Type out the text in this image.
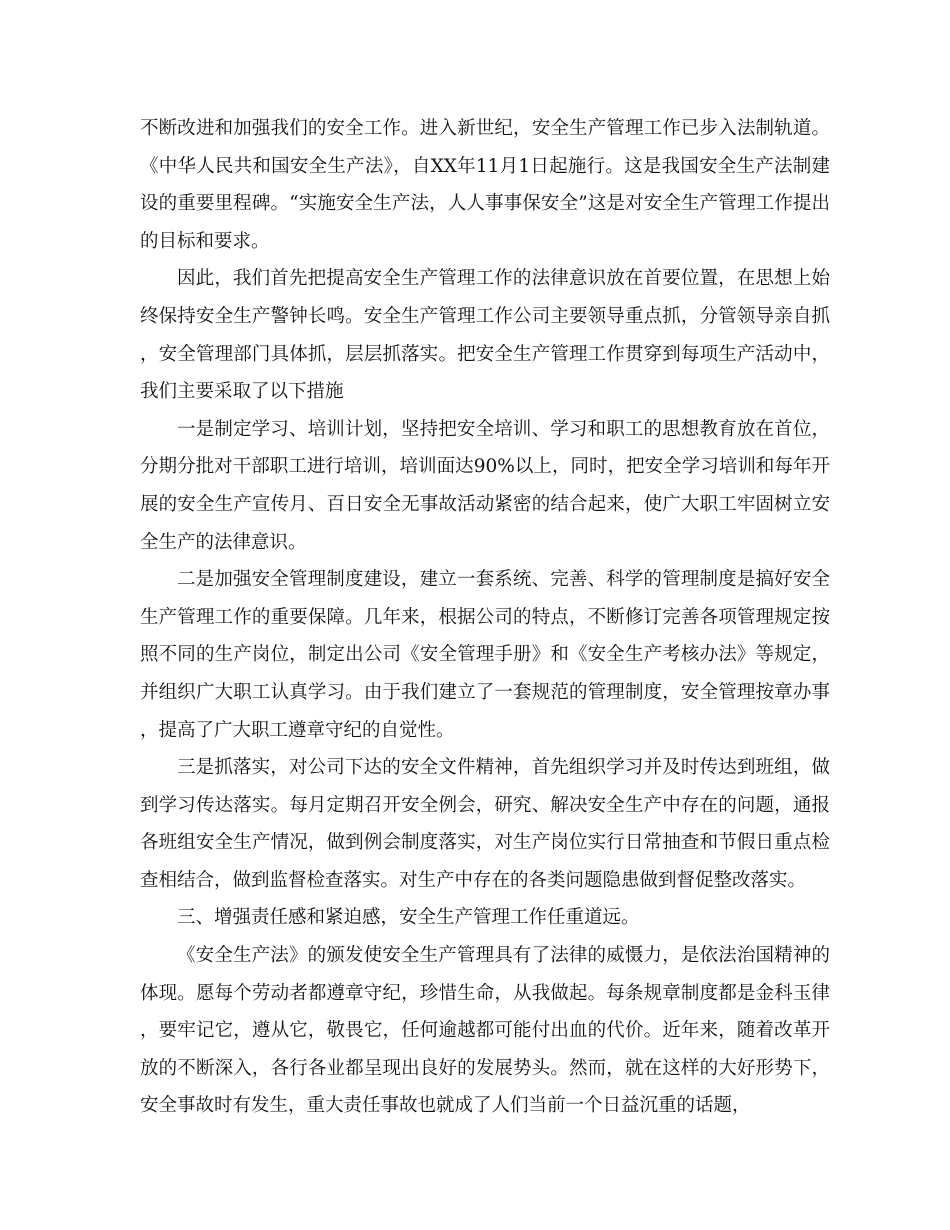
不断改进和加强我们的安全工作。进入新世纪，安全生产管理工作已步入法制轨道。《中华人民共和国安全生产法》，自XX年11月1日起施行。这是我国安全生产法制建设的重要里程碑。“实施安全生产法，人人事事保安全”这是对安全生产管理工作提出的目标和要求。

因此，我们首先把提高安全生产管理工作的法律意识放在首要位置，在思想上始终保持安全生产警钟长鸣。安全生产管理工作公司主要领导重点抓，分管领导亲自抓，安全管理部门具体抓，层层抓落实。把安全生产管理工作贯穿到每项生产活动中，我们主要采取了以下措施

一是制定学习、培训计划，坚持把安全培训、学习和职工的思想教育放在首位，分期分批对干部职工进行培训，培训面达90%以上，同时，把安全学习培训和每年开展的安全生产宣传月、百日安全无事故活动紧密的结合起来，使广大职工牢固树立安全生产的法律意识。

二是加强安全管理制度建设，建立一套系统、完善、科学的管理制度是搞好安全生产管理工作的重要保障。几年来，根据公司的特点，不断修订完善各项管理规定按照不同的生产岗位，制定出公司《安全管理手册》和《安全生产考核办法》等规定，并组织广大职工认真学习。由于我们建立了一套规范的管理制度，安全管理按章办事，提高了广大职工遵章守纪的自觉性。

三是抓落实，对公司下达的安全文件精神，首先组织学习并及时传达到班组，做到学习传达落实。每月定期召开安全例会，研究、解决安全生产中存在的问题，通报各班组安全生产情况，做到例会制度落实，对生产岗位实行日常抽查和节假日重点检查相结合，做到监督检查落实。对生产中存在的各类问题隐患做到督促整改落实。

三、增强责任感和紧迫感，安全生产管理工作任重道远。

《安全生产法》的颁发使安全生产管理具有了法律的威慑力，是依法治国精神的体现。愿每个劳动者都遵章守纪，珍惜生命，从我做起。每条规章制度都是金科玉律，要牢记它，遵从它，敬畏它，任何逾越都可能付出血的代价。近年来，随着改革开放的不断深入，各行各业都呈现出良好的发展势头。然而，就在这样的大好形势下，安全事故时有发生，重大责任事故也就成了人们当前一个日益沉重的话题，
